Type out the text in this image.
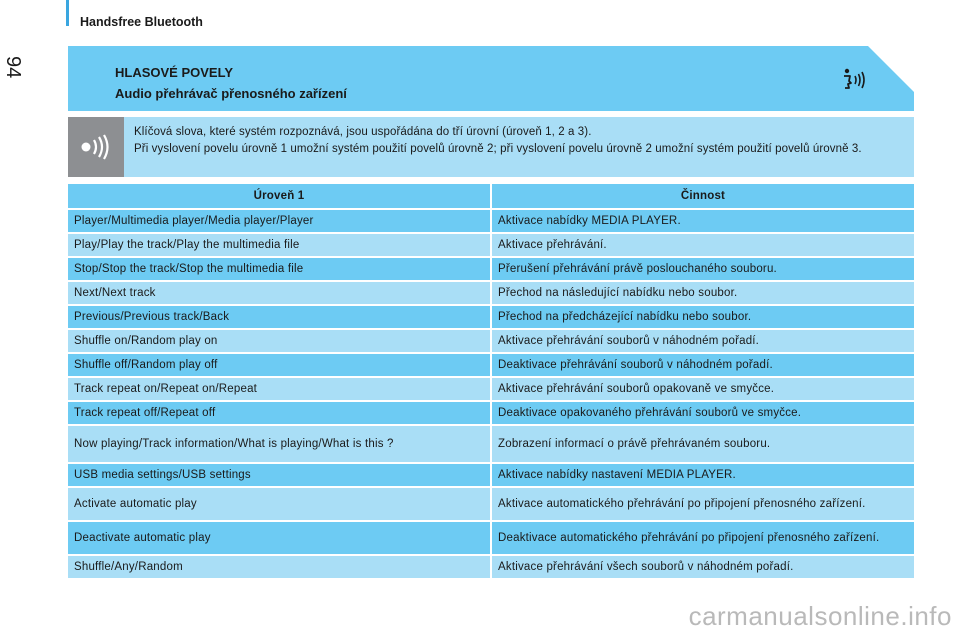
Handsfree Bluetooth
94	HLASOVÉ POVELY
Audio přehrávač přenosného zařízení

Klíčová slova, které systém rozpoznává, jsou uspořádána do tří úrovní (úroveň 1, 2 a 3).

Při vyslovení povelu úrovně 1 umožní systém použití povelů úrovně 2; při vyslovení povelu úrovně 2 umožní systém použití povelů úrovně 3.

Úroveň 1	Činnost
Player/Multimedia player/Media player/Player	Aktivace nabídky MEDIA PLAYER.
Play/Play the track/Play the multimedia file	Aktivace přehrávání.
Stop/Stop the track/Stop the multimedia file	Přerušení přehrávání právě poslouchaného souboru.
Next/Next track	Přechod na následující nabídku nebo soubor.
Previous/Previous track/Back	Přechod na předcházející nabídku nebo soubor.
Shuffle on/Random play on	Aktivace přehrávání souborů v náhodném pořadí.
Shuffle off/Random play off	Deaktivace přehrávání souborů v náhodném pořadí.
Track repeat on/Repeat on/Repeat	Aktivace přehrávání souborů opakovaně ve smyčce.
Track repeat off/Repeat off	Deaktivace opakovaného přehrávání souborů ve smyčce.
Now playing/Track information/What is playing/What is this ?	Zobrazení informací o právě přehrávaném souboru.
USB media settings/USB settings	Aktivace nabídky nastavení MEDIA PLAYER.
Activate automatic play	Aktivace automatického přehrávání po připojení přenosného zařízení.
Deactivate automatic play	Deaktivace automatického přehrávání po připojení přenosného zařízení.
Shuffle/Any/Random	Aktivace přehrávání všech souborů v náhodném pořadí.
carmanualsonline.info
